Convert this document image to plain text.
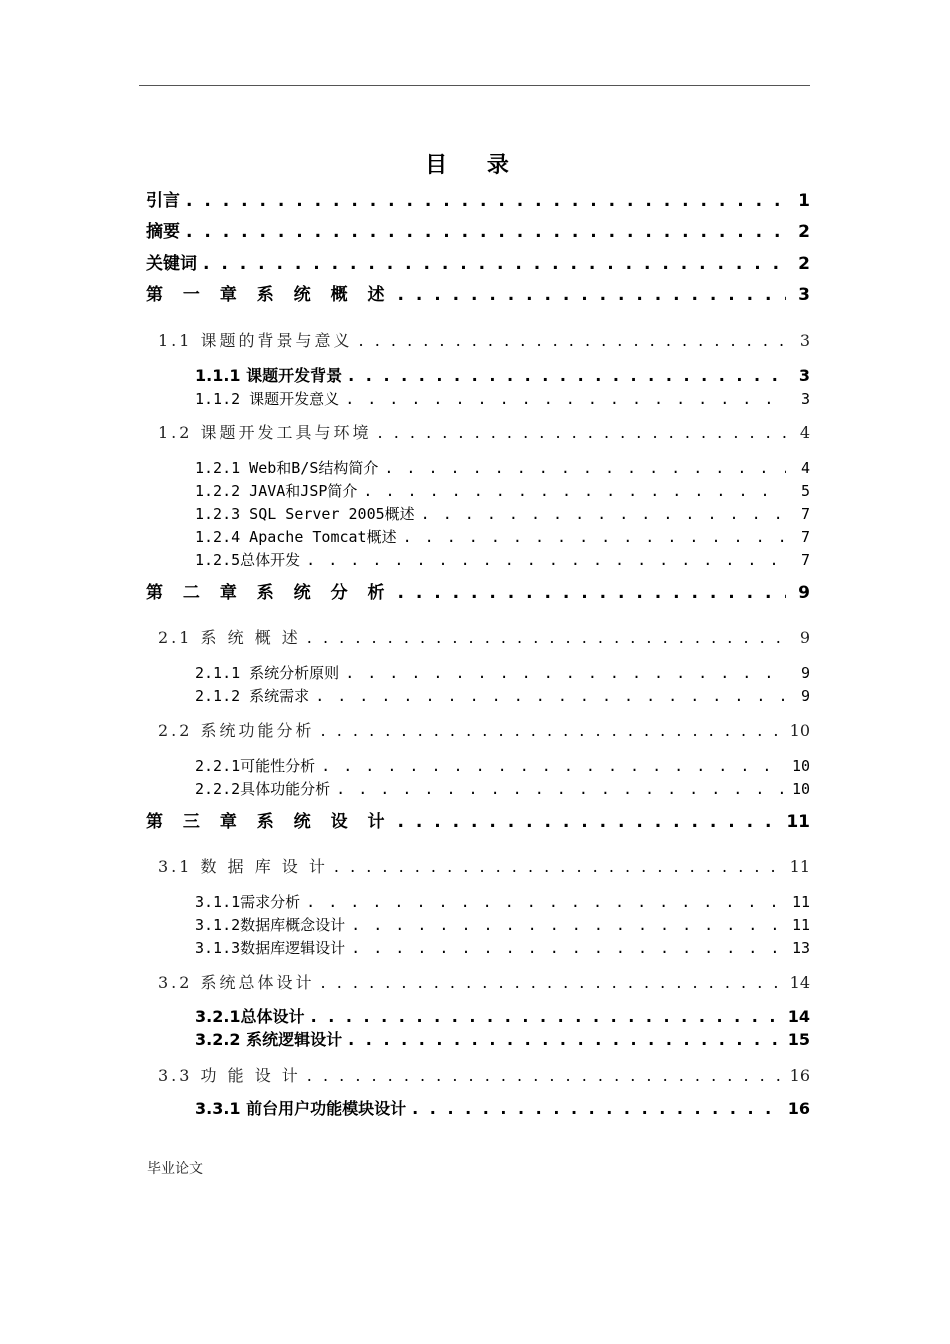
目 录
引言 . . .	1
摘要 . . .	2
关键词 . . .	2
第 一 章 系 统 概 述 . . .	3
1.1 课题的背景与意义 . . .	3
1.1.1 课题开发背景 . . .	3
1.1.2 课题开发意义 . . .	3
1.2 课题开发工具与环境 . . .	4
1.2.1 Web和B/S结构简介 . . .	4
1.2.2 JAVA和JSP简介 . . .	5
1.2.3 SQL Server 2005概述 . . .	7
1.2.4 Apache Tomcat概述 . . .	7
1.2.5总体开发 . . .	7
第 二 章 系 统 分 析 . . .	9
2.1 系 统 概 述 . . .	9
2.1.1 系统分析原则 . . .	9
2.1.2 系统需求 . . .	9
2.2 系统功能分析 . . .	10
2.2.1可能性分析 . . .	10
2.2.2具体功能分析 . . .	10
第 三 章 系 统 设 计 . . .	11
3.1 数 据 库 设 计 . . .	11
3.1.1需求分析 . . .	11
3.1.2数据库概念设计 . . .	11
3.1.3数据库逻辑设计 . . .	13
3.2 系统总体设计 . . .	14
3.2.1总体设计 . . .	14
3.2.2 系统逻辑设计 . . .	15
3.3 功 能 设 计 . . .	16
3.3.1 前台用户功能模块设计 . . .	16
毕业论文
